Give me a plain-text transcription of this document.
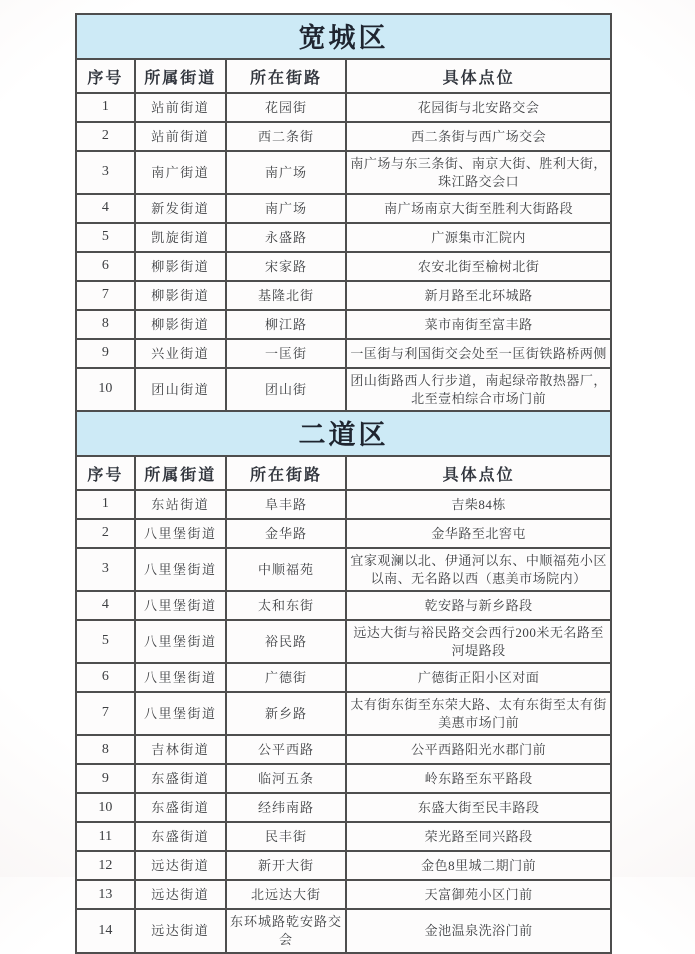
宽城区			
序号	所属街道	所在街路	具体点位
1	站前街道	花园街	花园街与北安路交会
2	站前街道	西二条街	西二条街与西广场交会
3	南广街道	南广场	南广场与东三条街、南京大街、胜利大街，珠江路交会口
4	新发街道	南广场	南广场南京大街至胜利大街路段
5	凯旋街道	永盛路	广源集市汇院内
6	柳影街道	宋家路	农安北街至榆树北街
7	柳影街道	基隆北街	新月路至北环城路
8	柳影街道	柳江路	菜市南街至富丰路
9	兴业街道	一匡街	一匡街与利国街交会处至一匡街铁路桥两侧
10	团山街道	团山街	团山街路西人行步道，南起绿帝散热器厂，北至壹柏综合市场门前
二道区			
序号	所属街道	所在街路	具体点位
1	东站街道	阜丰路	吉柴84栋
2	八里堡街道	金华路	金华路至北窖屯
3	八里堡街道	中顺福苑	宜家观澜以北、伊通河以东、中顺福苑小区以南、无名路以西（惠美市场院内）
4	八里堡街道	太和东街	乾安路与新乡路段
5	八里堡街道	裕民路	远达大街与裕民路交会西行200米无名路至河堤路段
6	八里堡街道	广德街	广德街正阳小区对面
7	八里堡街道	新乡路	太有街东街至东荣大路、太有东街至太有街美惠市场门前
8	吉林街道	公平西路	公平西路阳光水郡门前
9	东盛街道	临河五条	岭东路至东平路段
10	东盛街道	经纬南路	东盛大街至民丰路段
11	东盛街道	民丰街	荣光路至同兴路段
12	远达街道	新开大街	金色8里城二期门前
13	远达街道	北远达大街	天富御苑小区门前
14	远达街道	东环城路乾安路交会	金池温泉洗浴门前
